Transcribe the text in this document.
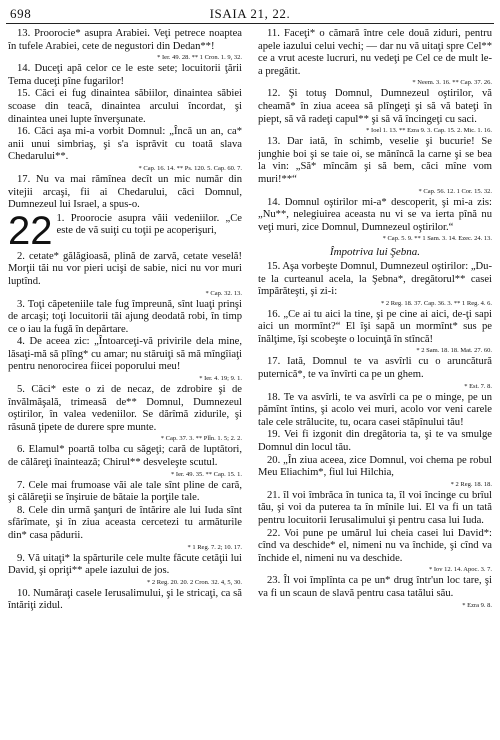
698	ISAIA 21, 22.

13. Proorocie* asupra Arabiei. Veţi petrece noaptea în tufele Arabiei, cete de negustori din Dedan**!

* Ier. 49. 28. ** 1 Cron. 1. 9, 32.

14. Duceţi apă celor ce le este sete; locuitorii ţării Tema duceţi pîne fugarilor!

15. Căci ei fug dinaintea săbiilor, dinaintea săbiei scoase din teacă, dinaintea arcului încordat, şi dinaintea unei lupte înverşunate.

16. Căci aşa mi-a vorbit Domnul: „Încă un an, ca* anii unui simbriaş, şi s'a isprăvit cu toată slava Chedarului**.

* Cap. 16. 14. ** Ps. 120. 5. Cap. 60. 7.

17. Nu va mai rămînea decît un mic număr din vitejii arcaşi, fii ai Chedarului, căci Domnul, Dumnezeul lui Israel, a spus-o.

22 1. Proorocie asupra văii vedeniilor. „Ce este de vă suiţi cu toţii pe acoperişuri,

2. cetate* gălăgioasă, plină de zarvă, cetate veselă! Morţii tăi nu vor pieri ucişi de sabie, nici nu vor muri luptînd.

* Cap. 32. 13.

3. Toţi căpeteniile tale fug împreună, sînt luaţi prinşi de arcaşi; toţi locuitorii tăi ajung deodată robi, în timp ce o iau la fugă în depărtare.

4. De aceea zic: „Întoarceţi-vă privirile dela mine, lăsaţi-mă să plîng* cu amar; nu stăruiţi să mă mîngîiaţi pentru nenorocirea fiicei poporului meu!

* Ier. 4. 19; 9. 1.

5. Căci* este o zi de necaz, de zdrobire şi de învălmăşală, trimeasă de** Domnul, Dumnezeul oştirilor, în valea vedeniilor. Se dărîmă zidurile, şi răsună ţipete de durere spre munte.

* Cap. 37. 3. ** Plîn. 1. 5; 2. 2.

6. Elamul* poartă tolba cu săgeţi; cară de luptători, de călăreţi înaintează; Chirul** desveleşte scutul.

* Ier. 49. 35. ** Cap. 15. 1.

7. Cele mai frumoase văi ale tale sînt pline de cară, şi călăreţii se înşiruie de bătaie la porţile tale.

8. Cele din urmă şanţuri de întărire ale lui Iuda sînt sfărîmate, şi în ziua aceasta cercetezi tu armăturile din* casa pădurii.

* 1 Reg. 7. 2; 10. 17.

9. Vă uitaţi* la spărturile cele multe făcute cetăţii lui David, şi opriţi** apele iazului de jos.

* 2 Reg. 20. 20. 2 Cron. 32. 4, 5, 30.

10. Număraţi casele Ierusalimului, şi le stricaţi, ca să întăriţi zidul.

11. Faceţi* o cămară între cele două ziduri, pentru apele iazului celui vechi; — dar nu vă uitaţi spre Cel** ce a vrut aceste lucruri, nu vedeţi pe Cel ce de mult le-a pregătit.

* Neem. 3. 16. ** Cap. 37. 26.

12. Şi totuş Domnul, Dumnezeul oştirilor, vă cheamă* în ziua aceea să plîngeţi şi să vă bateţi în piept, să vă radeţi capul** şi să vă încingeţi cu saci.

* Ioel 1. 13. ** Ezra 9. 3. Cap. 15. 2. Mic. 1. 16.

13. Dar iată, în schimb, veselie şi bucurie! Se junghie boi şi se taie oi, se mănîncă la carne şi se bea la vin: „Să* mîncăm şi să bem, căci mîne vom muri!**“

* Cap. 56. 12. 1 Cor. 15. 32.

14. Domnul oştirilor mi-a* descoperit, şi mi-a zis: „Nu**, nelegiuirea aceasta nu vi se va ierta pînă nu veţi muri, zice Domnul, Dumnezeul oştirilor.“

* Cap. 5. 9. ** 1 Sam. 3. 14. Ezec. 24. 13.

Împotriva lui Şebna.

15. Aşa vorbeşte Domnul, Dumnezeul oştirilor: „Du-te la curteanul acela, la Şebna*, dregătorul** casei împărăteşti, şi zi-i:

* 2 Reg. 18. 37. Cap. 36. 3. ** 1 Reg. 4. 6.

16. „Ce ai tu aici la tine, şi pe cine ai aici, de-ţi sapi aici un mormînt?“ El îşi sapă un mormînt* sus pe înălţime, îşi scobeşte o locuinţă în stîncă!

* 2 Sam. 18. 18. Mat. 27. 60.

17. Iată, Domnul te va asvîrli cu o aruncătură puternică*, te va învîrti ca pe un ghem.

* Est. 7. 8.

18. Te va asvîrli, te va asvîrli ca pe o minge, pe un pămînt întins, şi acolo vei muri, acolo vor veni carele tale cele strălucite, tu, ocara casei stăpînului tău!

19. Vei fi izgonit din dregătoria ta, şi te va smulge Domnul din locul tău.

20. „În ziua aceea, zice Domnul, voi chema pe robul Meu Eliachim*, fiul lui Hilchia,

* 2 Reg. 18. 18.

21. îl voi îmbrăca în tunica ta, îl voi încinge cu brîul tău, şi voi da puterea ta în mînile lui. El va fi un tată pentru locuitorii Ierusalimului şi pentru casa lui Iuda.

22. Voi pune pe umărul lui cheia casei lui David*: cînd va deschide* el, nimeni nu va închide, şi cînd va închide el, nimeni nu va deschide.

* Iov 12. 14. Apoc. 3. 7.

23. Îl voi împlînta ca pe un* drug într'un loc tare, şi va fi un scaun de slavă pentru casa tatălui său.

* Ezra 9. 8.
